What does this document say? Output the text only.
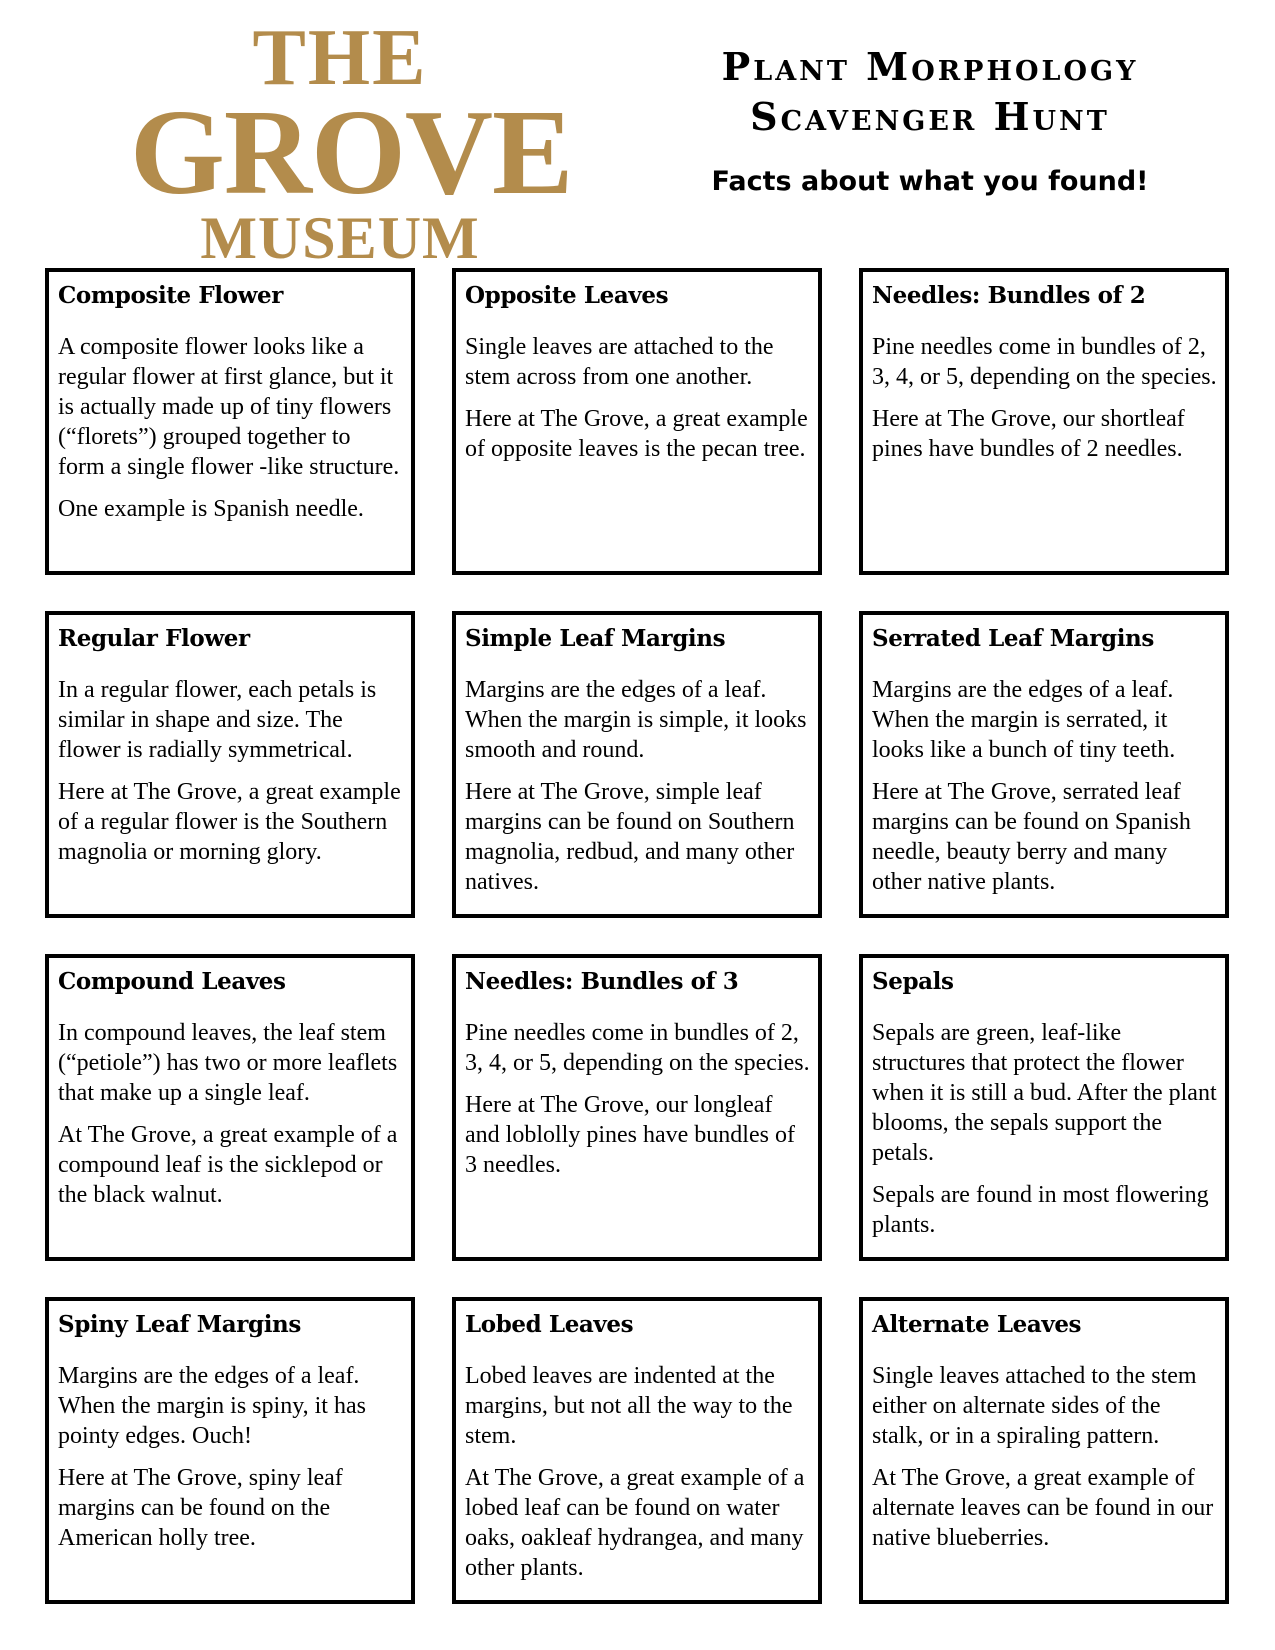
THE
GROVE
MUSEUM
Plant Morphology
Scavenger Hunt
Facts about what you found!
Composite Flower

A composite flower looks like a regular flower at first glance, but it is actually made up of tiny flowers (“florets”) grouped together to form a single flower -like structure.

One example is Spanish needle.

Opposite Leaves

Single leaves are attached to the stem across from one another.

Here at The Grove, a great example of opposite leaves is the pecan tree.

Needles: Bundles of 2

Pine needles come in bundles of 2, 3, 4, or 5, depending on the species.

Here at The Grove, our shortleaf pines have bundles of 2 needles.

Regular Flower

In a regular flower, each petals is similar in shape and size. The flower is radially symmetrical.

Here at The Grove, a great example of a regular flower is the Southern magnolia or morning glory.

Simple Leaf Margins

Margins are the edges of a leaf. When the margin is simple, it looks smooth and round.

Here at The Grove, simple leaf margins can be found on Southern magnolia, redbud, and many other natives.

Serrated Leaf Margins

Margins are the edges of a leaf. When the margin is serrated, it looks like a bunch of tiny teeth.

Here at The Grove, serrated leaf margins can be found on Spanish needle, beauty berry and many other native plants.

Compound Leaves

In compound leaves, the leaf stem (“petiole”) has two or more leaflets that make up a single leaf.

At The Grove, a great example of a compound leaf is the sicklepod or the black walnut.

Needles: Bundles of 3

Pine needles come in bundles of 2, 3, 4, or 5, depending on the species.

Here at The Grove, our longleaf and loblolly pines have bundles of 3 needles.

Sepals

Sepals are green, leaf-like structures that protect the flower when it is still a bud. After the plant blooms, the sepals support the petals.

Sepals are found in most flowering plants.

Spiny Leaf Margins

Margins are the edges of a leaf. When the margin is spiny, it has pointy edges. Ouch!

Here at The Grove, spiny leaf margins can be found on the American holly tree.

Lobed Leaves

Lobed leaves are indented at the margins, but not all the way to the stem.

At The Grove, a great example of a lobed leaf can be found on water oaks, oakleaf hydrangea, and many other plants.

Alternate Leaves

Single leaves attached to the stem either on alternate sides of the stalk, or in a spiraling pattern.

At The Grove, a great example of alternate leaves can be found in our native blueberries.
